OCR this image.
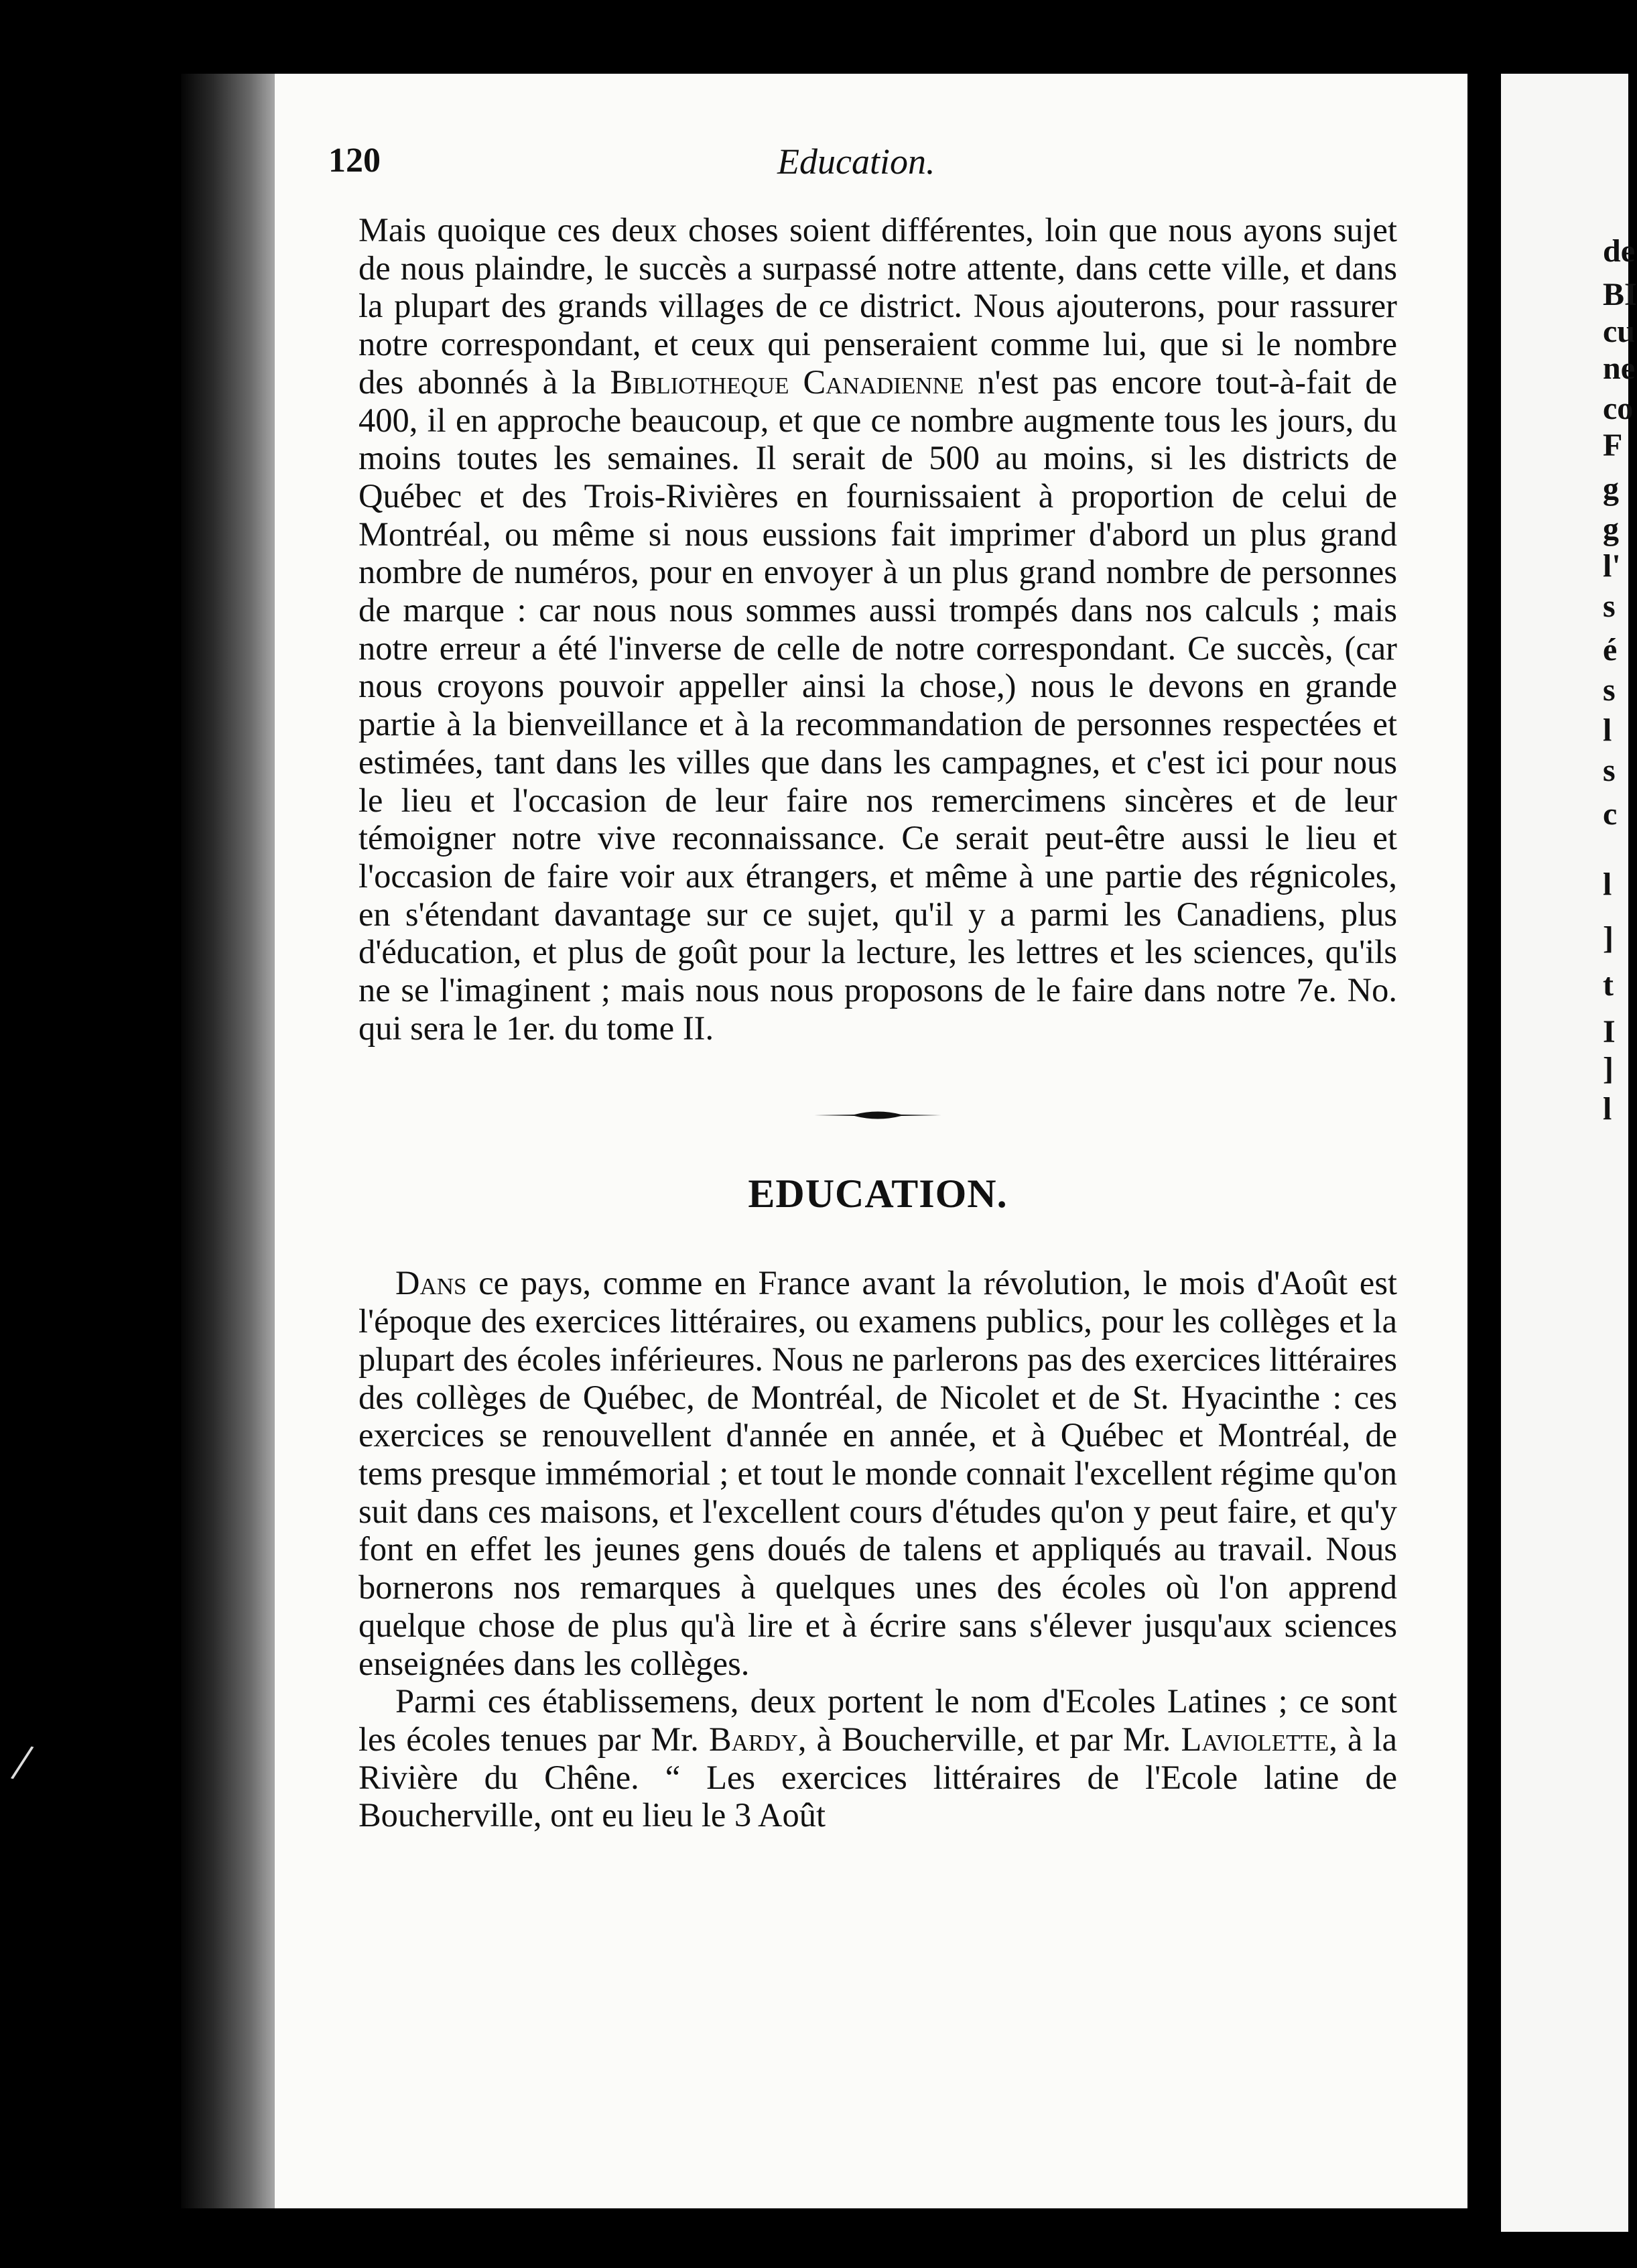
120	Education.

Mais quoique ces deux choses soient différentes, loin que nous ayons sujet de nous plaindre, le succès a surpassé notre attente, dans cette ville, et dans la plupart des grands villages de ce district. Nous ajouterons, pour rassurer notre correspondant, et ceux qui penseraient comme lui, que si le nombre des abonnés à la Bibliotheque Canadienne n'est pas encore tout-à-fait de 400, il en approche beaucoup, et que ce nombre augmente tous les jours, du moins toutes les semaines. Il serait de 500 au moins, si les districts de Québec et des Trois-Rivières en fournissaient à proportion de celui de Montréal, ou même si nous eussions fait imprimer d'abord un plus grand nombre de numéros, pour en envoyer à un plus grand nombre de personnes de marque : car nous nous sommes aussi trompés dans nos calculs ; mais notre erreur a été l'inverse de celle de notre correspondant. Ce succès, (car nous croyons pouvoir appeller ainsi la chose,) nous le devons en grande partie à la bienveillance et à la recommandation de personnes respectées et estimées, tant dans les villes que dans les campagnes, et c'est ici pour nous le lieu et l'occasion de leur faire nos remercimens sincères et de leur témoigner notre vive reconnaissance. Ce serait peut-être aussi le lieu et l'occasion de faire voir aux étrangers, et même à une partie des régnicoles, en s'étendant davantage sur ce sujet, qu'il y a parmi les Canadiens, plus d'éducation, et plus de goût pour la lecture, les lettres et les sciences, qu'ils ne se l'imaginent ; mais nous nous proposons de le faire dans notre 7e. No. qui sera le 1er. du tome II.

EDUCATION.

Dans ce pays, comme en France avant la révolution, le mois d'Août est l'époque des exercices littéraires, ou examens publics, pour les collèges et la plupart des écoles inférieures. Nous ne parlerons pas des exercices littéraires des collèges de Québec, de Montréal, de Nicolet et de St. Hyacinthe : ces exercices se renouvellent d'année en année, et à Québec et Montréal, de tems presque immémorial ; et tout le monde connait l'excellent régime qu'on suit dans ces maisons, et l'excellent cours d'études qu'on y peut faire, et qu'y font en effet les jeunes gens doués de talens et appliqués au travail. Nous bornerons nos remarques à quelques unes des écoles où l'on apprend quelque chose de plus qu'à lire et à écrire sans s'élever jusqu'aux sciences enseignées dans les collèges.

Parmi ces établissemens, deux portent le nom d'Ecoles Latines ; ce sont les écoles tenues par Mr. Bardy, à Boucherville, et par Mr. Laviolette, à la Rivière du Chêne. “ Les exercices littéraires de l'Ecole latine de Boucherville, ont eu lieu le 3 Août

de
BI
cu
ne
co
F
g
g
l'
s
é
s
l
s
c
l
]
t
I
]
l
/
